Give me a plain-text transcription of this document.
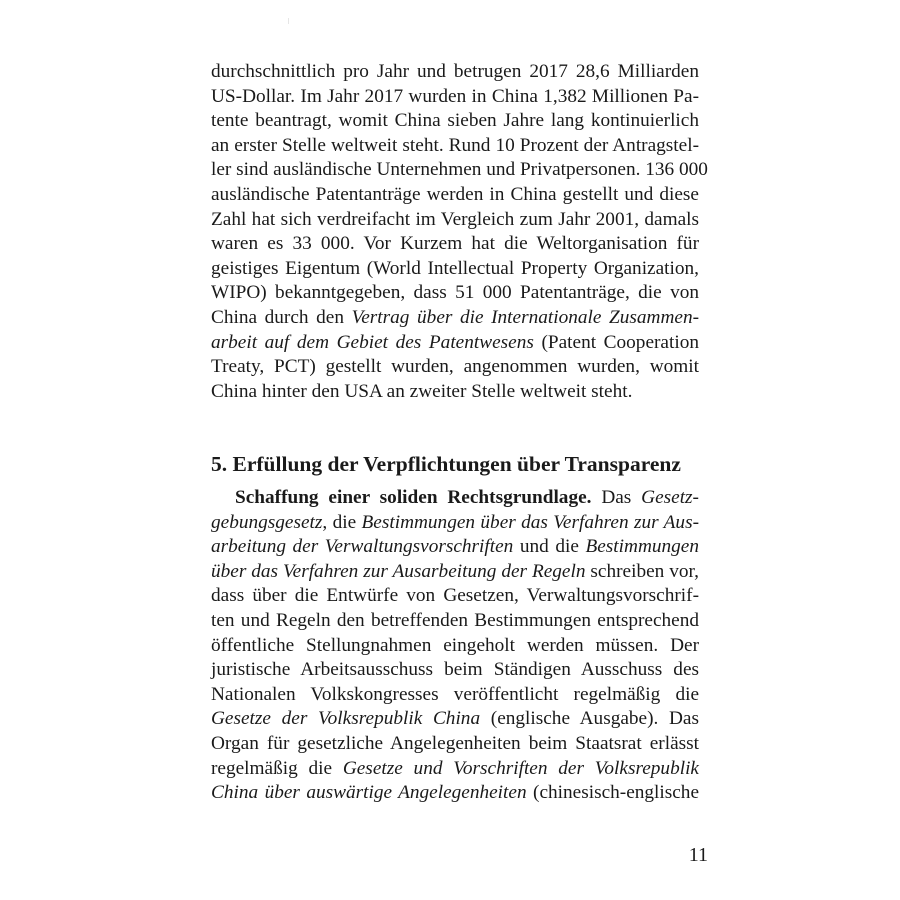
durchschnittlich pro Jahr und betrugen 2017 28,6 Milliarden
US-Dollar. Im Jahr 2017 wurden in China 1,382 Millionen Pa-
tente beantragt, womit China sieben Jahre lang kontinuierlich
an erster Stelle weltweit steht. Rund 10 Prozent der Antragstel-
ler sind ausländische Unternehmen und Privatpersonen. 136 000
ausländische Patentanträge werden in China gestellt und diese
Zahl hat sich verdreifacht im Vergleich zum Jahr 2001, damals
waren es 33 000. Vor Kurzem hat die Weltorganisation für
geistiges Eigentum (World Intellectual Property Organization,
WIPO) bekanntgegeben, dass 51 000 Patentanträge, die von
China durch den Vertrag über die Internationale Zusammen-
arbeit auf dem Gebiet des Patentwesens (Patent Cooperation
Treaty, PCT) gestellt wurden, angenommen wurden, womit
China hinter den USA an zweiter Stelle weltweit steht.
5. Erfüllung der Verpflichtungen über Transparenz
Schaffung einer soliden Rechtsgrundlage. Das Gesetz-
gebungsgesetz, die Bestimmungen über das Verfahren zur Aus-
arbeitung der Verwaltungsvorschriften und die Bestimmungen
über das Verfahren zur Ausarbeitung der Regeln schreiben vor,
dass über die Entwürfe von Gesetzen, Verwaltungsvorschrif-
ten und Regeln den betreffenden Bestimmungen entsprechend
öffentliche Stellungnahmen eingeholt werden müssen. Der
juristische Arbeitsausschuss beim Ständigen Ausschuss des
Nationalen Volkskongresses veröffentlicht regelmäßig die
Gesetze der Volksrepublik China (englische Ausgabe). Das
Organ für gesetzliche Angelegenheiten beim Staatsrat erlässt
regelmäßig die Gesetze und Vorschriften der Volksrepublik
China über auswärtige Angelegenheiten (chinesisch-englische
11
